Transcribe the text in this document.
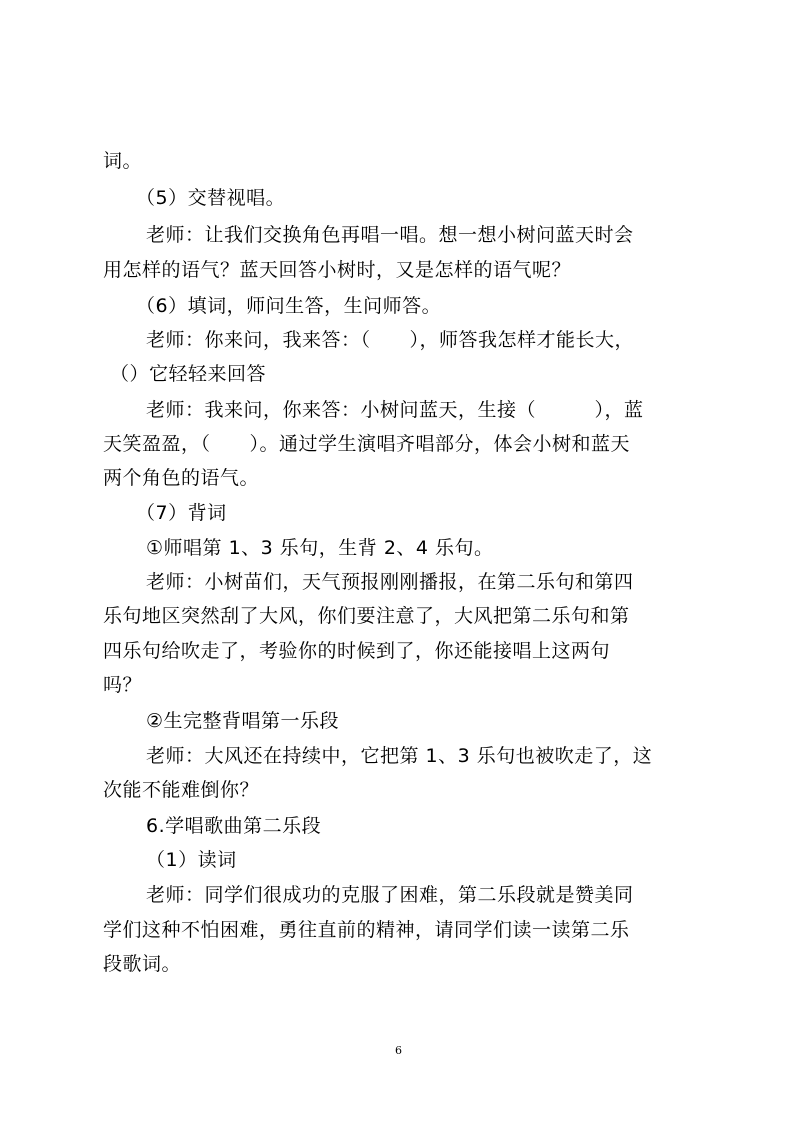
词。
（5）交替视唱。
老师：让我们交换角色再唱一唱。想一想小树问蓝天时会
用怎样的语气？蓝天回答小树时，又是怎样的语气呢？
（6）填词，师问生答，生问师答。
老师：你来问，我来答：（　　），师答我怎样才能长大，
（）它轻轻来回答
老师：我来问，你来答：小树问蓝天，生接（　　　），蓝
天笑盈盈，（　　）。通过学生演唱齐唱部分，体会小树和蓝天
两个角色的语气。
（7）背词
①师唱第 1、3 乐句，生背 2、4 乐句。
老师：小树苗们，天气预报刚刚播报，在第二乐句和第四
乐句地区突然刮了大风，你们要注意了，大风把第二乐句和第
四乐句给吹走了，考验你的时候到了，你还能接唱上这两句
吗？
②生完整背唱第一乐段
老师：大风还在持续中，它把第 1、3 乐句也被吹走了，这
次能不能难倒你？
6.学唱歌曲第二乐段
（1）读词
老师：同学们很成功的克服了困难，第二乐段就是赞美同
学们这种不怕困难，勇往直前的精神，请同学们读一读第二乐
段歌词。
6
